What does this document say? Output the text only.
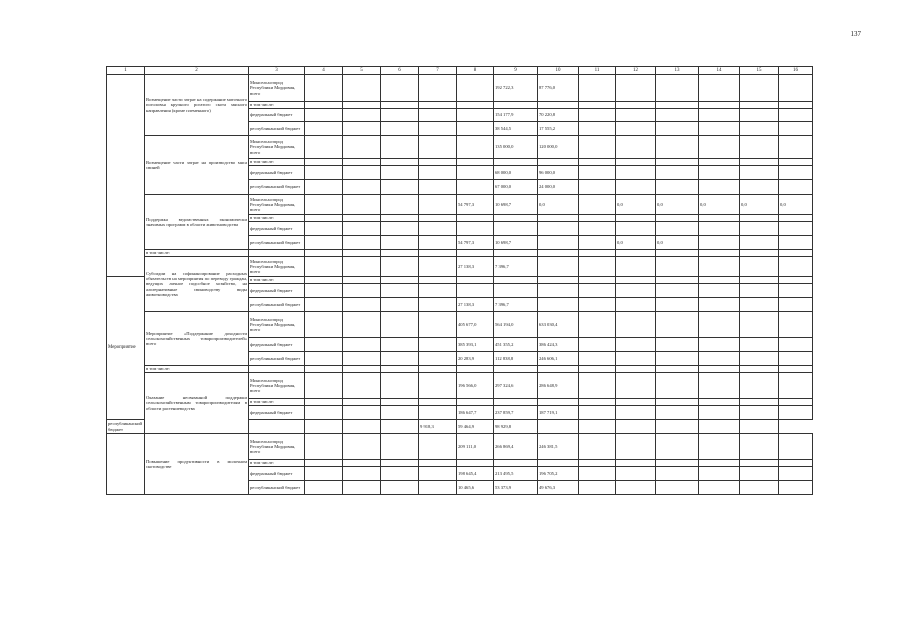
137
1	2	3	4	5	6	7	8	9	10	11	12	13	14	15	16
	Возмещение части затрат на содержание маточного поголовья крупного рогатого скота мясного направления (кроме племенного)	Минсельхозпрод Республики Мордовия, всего						192 722,3	87 776,0						
		в том числе:													
		федеральный бюджет						154 177,9	70 220,8						
		республиканский бюджет						38 544,5	17 555,2						
	Возмещение части затрат на производство мяса свиней	Минсельхозпрод Республики Мордовия, всего						135 000,0	120 000,0						
		в том числе:													
		федеральный бюджет						68 000,0	96 000,0						
		республиканский бюджет						67 000,0	24 000,0						
	Поддержка ведомственных экономически значимых программ в области животноводства	Минсельхозпрод Республики Мордовия, всего					54 797,3	10 698,7	0,0		0,0	0,0	0,0	0,0	0,0
		в том числе:													
		федеральный бюджет													
		республиканский бюджет					54 797,3	10 698,7			0,0	0,0			
	в том числе:														
	Субсидии на софинансирование расходных обязательств на мероприятия по переводу граждан, ведущих личное подсобное хозяйство, на альтернативные свиноводству виды животноводства	Минсельхозпрод Республики Мордовия, всего					27 138,3	7 396,7							
Мероприятие		в том числе:													
		федеральный бюджет													
		республиканский бюджет					27 138,3	7 396,7							
	Мероприятие «Поддержание доходности сельскохозяйственных товаропроизводителей» всего	Минсельхозпрод Республики Мордовия, всего					405 677,0	564 194,0	633 030,4						
		федеральный бюджет					385 393,1	451 355,2	386 424,3						
		республиканский бюджет					20 283,9	112 838,8	246 606,1						
	в том числе:														
	Оказание несвязанной поддержки сельскохозяйственным товаропроизводителям в области растениеводства	Минсельхозпрод Республики Мордовия, всего					196 566,0	297 324,6	286 648,9						
		в том числе:													
		федеральный бюджет					186 647,7	237 859,7	187 719,1						
республиканский бюджет						9 918,3	59 464,9	98 929,8							
	Повышение продуктивности в молочном скотоводстве	Минсельхозпрод Республики Мордовия, всего					209 111,0	266 869,4	246 381,5						
		в том числе:													
		федеральный бюджет					198 645,4	213 495,5	196 705,2						
		республиканский бюджет					10 465,6	53 373,9	49 676,3						
